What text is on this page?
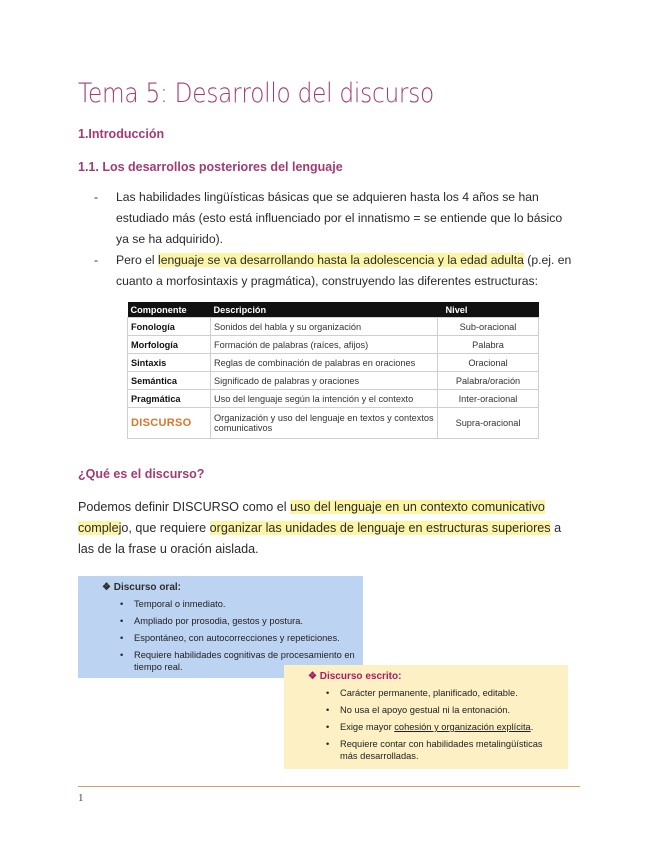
Tema 5: Desarrollo del discurso
1.Introducción
1.1. Los desarrollos posteriores del lenguaje
- Las habilidades lingüísticas básicas que se adquieren hasta los 4 años se han estudiado más (esto está influenciado por el innatismo = se entiende que lo básico ya se ha adquirido).
- Pero el lenguaje se va desarrollando hasta la adolescencia y la edad adulta (p.ej. en cuanto a morfosintaxis y pragmática), construyendo las diferentes estructuras:
Componente	Descripción	Nivel
Fonología	Sonidos del habla y su organización	Sub-oracional
Morfología	Formación de palabras (raíces, afijos)	Palabra
Sintaxis	Reglas de combinación de palabras en oraciones	Oracional
Semántica	Significado de palabras y oraciones	Palabra/oración
Pragmática	Uso del lenguaje según la intención y el contexto	Inter-oracional
DISCURSO	Organización y uso del lenguaje en textos y contextos comunicativos	Supra-oracional
¿Qué es el discurso?
Podemos definir DISCURSO como el uso del lenguaje en un contexto comunicativo complejo, que requiere organizar las unidades de lenguaje en estructuras superiores a las de la frase u oración aislada.
❖ Discurso oral:
• Temporal o inmediato.
• Ampliado por prosodia, gestos y postura.
• Espontáneo, con autocorrecciones y repeticiones.
• Requiere habilidades cognitivas de procesamiento en tiempo real.
❖ Discurso escrito:
• Carácter permanente, planificado, editable.
• No usa el apoyo gestual ni la entonación.
• Exige mayor cohesión y organización explícita.
• Requiere contar con habilidades metalingüísticas más desarrolladas.
1
